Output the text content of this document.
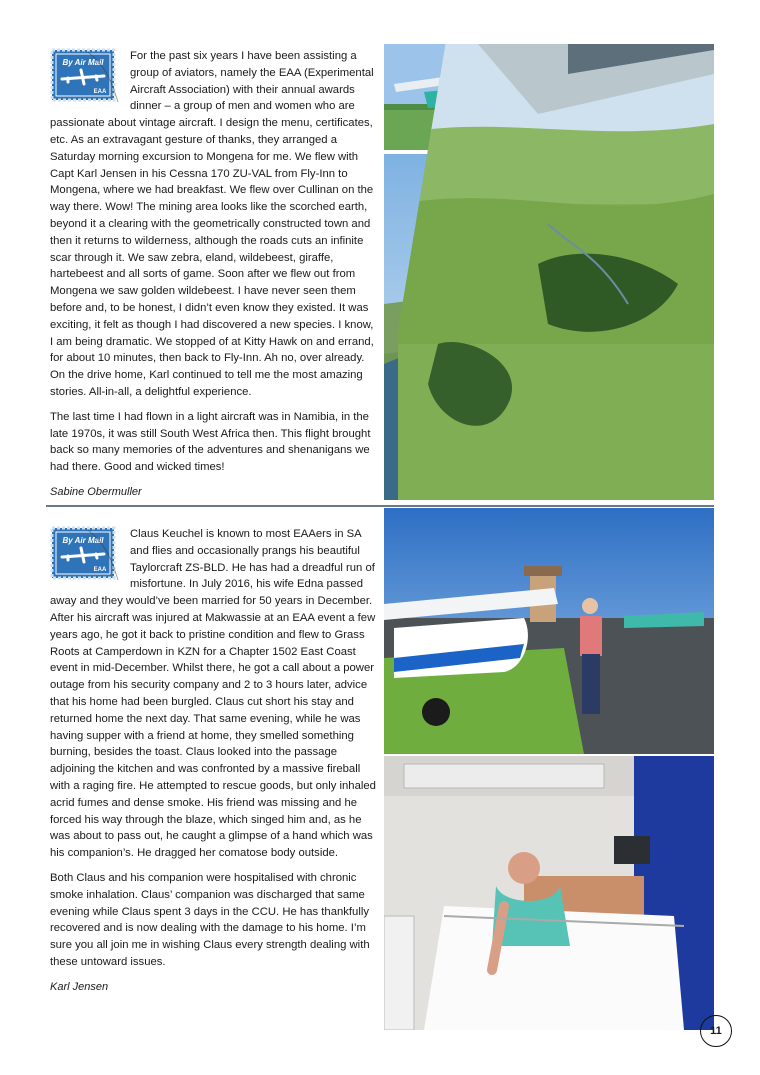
By Air Mail
EAA
For the past six years I have been assisting a group of aviators, namely the EAA (Experimental Aircraft Association) with their annual awards dinner – a group of men and women who are passionate about vintage aircraft. I design the menu, certificates, etc. As an extravagant gesture of thanks, they arranged a Saturday morning excursion to Mongena for me. We flew with Capt Karl Jensen in his Cessna 170 ZU-VAL from Fly-Inn to Mongena, where we had breakfast. We flew over Cullinan on the way there. Wow! The mining area looks like the scorched earth, beyond it a clearing with the geometrically constructed town and then it returns to wilderness, although the roads cuts an infinite scar through it. We saw zebra, eland, wildebeest, giraffe, hartebeest and all sorts of game. Soon after we flew out from Mongena we saw golden wildebeest. I have never seen them before and, to be honest, I didn’t even know they existed. It was exciting, it felt as though I had discovered a new species. I know, I am being dramatic. We stopped of at Kitty Hawk on and errand, for about 10 minutes, then back to Fly-Inn. Ah no, over already. On the drive home, Karl continued to tell me the most amazing stories. All-in-all, a delightful experience.

The last time I had flown in a light aircraft was in Namibia, in the late 1970s, it was still South West Africa then. This flight brought back so many memories of the adventures and shenanigans we had there. Good and wicked times!

Sabine Obermuller

By Air Mail
EAA
Claus Keuchel is known to most EAAers in SA and flies and occasionally prangs his beautiful Taylorcraft ZS-BLD. He has had a dreadful run of misfortune. In July 2016, his wife Edna passed away and they would’ve been married for 50 years in December. After his aircraft was injured at Makwassie at an EAA event a few years ago, he got it back to pristine condition and flew to Grass Roots at Camperdown in KZN for a Chapter 1502 East Coast event in mid-December. Whilst there, he got a call about a power outage from his security company and 2 to 3 hours later, advice that his home had been burgled. Claus cut short his stay and returned home the next day. That same evening, while he was having supper with a friend at home, they smelled something burning, besides the toast. Claus looked into the passage adjoining the kitchen and was confronted by a massive fireball with a raging fire. He attempted to rescue goods, but only inhaled acrid fumes and dense smoke. His friend was missing and he forced his way through the blaze, which singed him and, as he was about to pass out, he caught a glimpse of a hand which was his companion’s. He dragged her comatose body outside.

Both Claus and his companion were hospitalised with chronic smoke inhalation. Claus’ companion was discharged that same evening while Claus spent 3 days in the CCU. He has thankfully recovered and is now dealing with the damage to his home. I’m sure you all join me in wishing Claus every strength dealing with these untoward issues.

Karl Jensen

11
